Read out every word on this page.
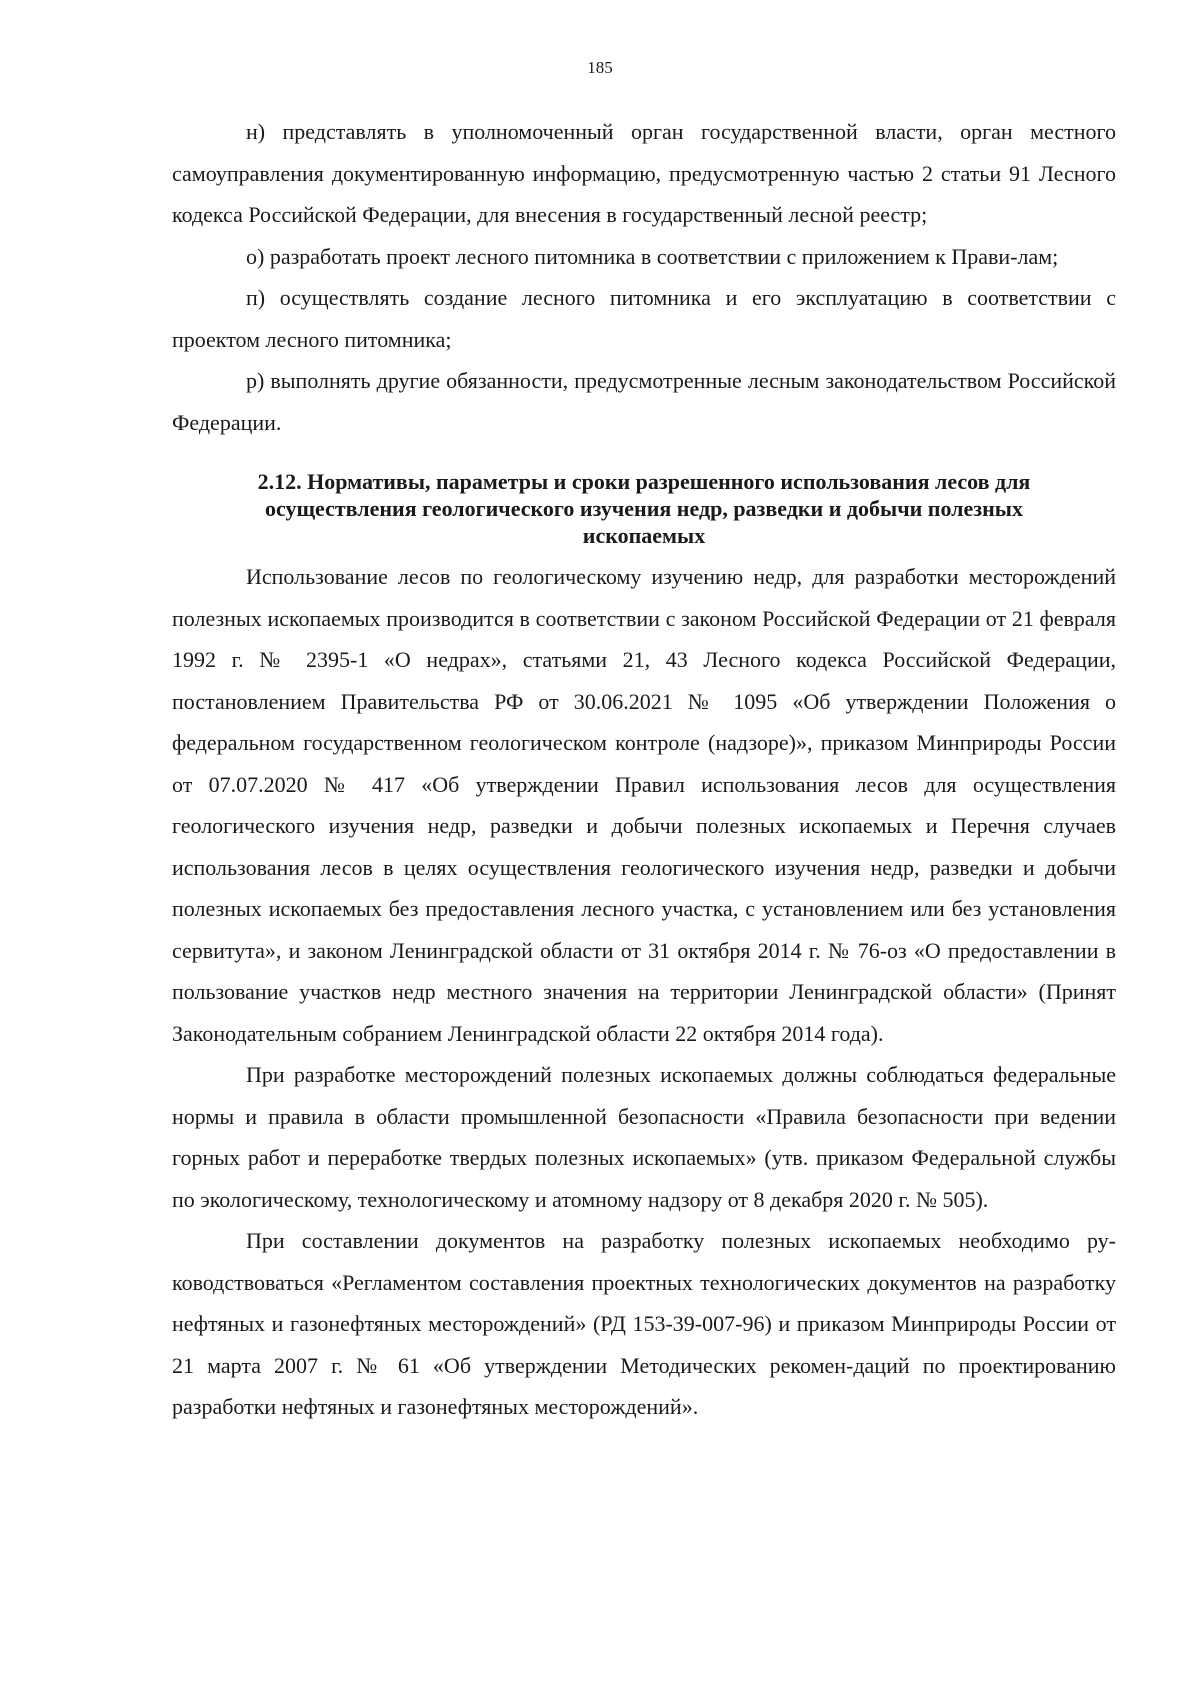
185

н) представлять в уполномоченный орган государственной власти, орган местного самоуправления документированную информацию, предусмотренную частью 2 статьи 91 Лесного кодекса Российской Федерации, для внесения в государственный лесной реестр;

о) разработать проект лесного питомника в соответствии с приложением к Прави-лам;

п) осуществлять создание лесного питомника и его эксплуатацию в соответствии с проектом лесного питомника;

р) выполнять другие обязанности, предусмотренные лесным законодательством Российской Федерации.

2.12. Нормативы, параметры и сроки разрешенного использования лесов для осуществления геологического изучения недр, разведки и добычи полезных ископаемых

Использование лесов по геологическому изучению недр, для разработки месторождений полезных ископаемых производится в соответствии с законом Российской Федерации от 21 февраля 1992 г. № 2395-1 «О недрах», статьями 21, 43 Лесного кодекса Российской Федерации, постановлением Правительства РФ от 30.06.2021 № 1095 «Об утверждении Положения о федеральном государственном геологическом контроле (надзоре)», приказом Минприроды России от 07.07.2020 № 417 «Об утверждении Правил использования лесов для осуществления геологического изучения недр, разведки и добычи полезных ископаемых и Перечня случаев использования лесов в целях осуществления геологического изучения недр, разведки и добычи полезных ископаемых без предоставления лесного участка, с установлением или без установления сервитута», и законом Ленинградской области от 31 октября 2014 г. № 76-оз «О предоставлении в пользование участков недр местного значения на территории Ленинградской области» (Принят Законодательным собранием Ленинградской области 22 октября 2014 года).

При разработке месторождений полезных ископаемых должны соблюдаться федеральные нормы и правила в области промышленной безопасности «Правила безопасности при ведении горных работ и переработке твердых полезных ископаемых» (утв. приказом Федеральной службы по экологическому, технологическому и атомному надзору от 8 декабря 2020 г. № 505).

При составлении документов на разработку полезных ископаемых необходимо ру-ководствоваться «Регламентом составления проектных технологических документов на разработку нефтяных и газонефтяных месторождений» (РД 153-39-007-96) и приказом Минприроды России от 21 марта 2007 г. № 61 «Об утверждении Методических рекомен-даций по проектированию разработки нефтяных и газонефтяных месторождений».
